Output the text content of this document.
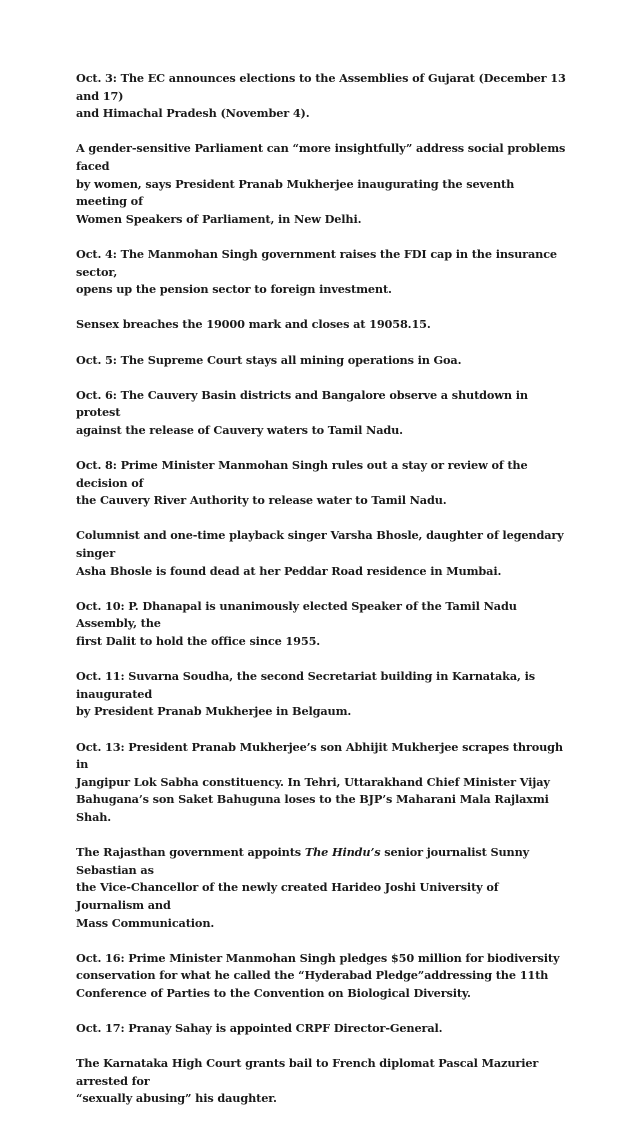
Oct. 3: The EC announces elections to the Assemblies of Gujarat (December 13 and 17)
and Himachal Pradesh (November 4).

A gender-sensitive Parliament can “more insightfully” address social problems faced
by women, says President Pranab Mukherjee inaugurating the seventh meeting of
Women Speakers of Parliament, in New Delhi.

Oct. 4: The Manmohan Singh government raises the FDI cap in the insurance sector,
opens up the pension sector to foreign investment.

Sensex breaches the 19000 mark and closes at 19058.15.

Oct. 5: The Supreme Court stays all mining operations in Goa.

Oct. 6: The Cauvery Basin districts and Bangalore observe a shutdown in protest
against the release of Cauvery waters to Tamil Nadu.

Oct. 8: Prime Minister Manmohan Singh rules out a stay or review of the decision of
the Cauvery River Authority to release water to Tamil Nadu.

Columnist and one-time playback singer Varsha Bhosle, daughter of legendary singer
Asha Bhosle is found dead at her Peddar Road residence in Mumbai.

Oct. 10: P. Dhanapal is unanimously elected Speaker of the Tamil Nadu Assembly, the
first Dalit to hold the office since 1955.

Oct. 11: Suvarna Soudha, the second Secretariat building in Karnataka, is inaugurated
by President Pranab Mukherjee in Belgaum.

Oct. 13: President Pranab Mukherjee’s son Abhijit Mukherjee scrapes through in
Jangipur Lok Sabha constituency. In Tehri, Uttarakhand Chief Minister Vijay
Bahugana’s son Saket Bahuguna loses to the BJP’s Maharani Mala Rajlaxmi Shah.

The Rajasthan government appoints The Hindu’s senior journalist Sunny Sebastian as
the Vice-Chancellor of the newly created Harideo Joshi University of Journalism and
Mass Communication.

Oct. 16: Prime Minister Manmohan Singh pledges $50 million for biodiversity
conservation for what he called the “Hyderabad Pledge”addressing the 11th
Conference of Parties to the Convention on Biological Diversity.

Oct. 17: Pranay Sahay is appointed CRPF Director-General.

The Karnataka High Court grants bail to French diplomat Pascal Mazurier arrested for
“sexually abusing” his daughter.
